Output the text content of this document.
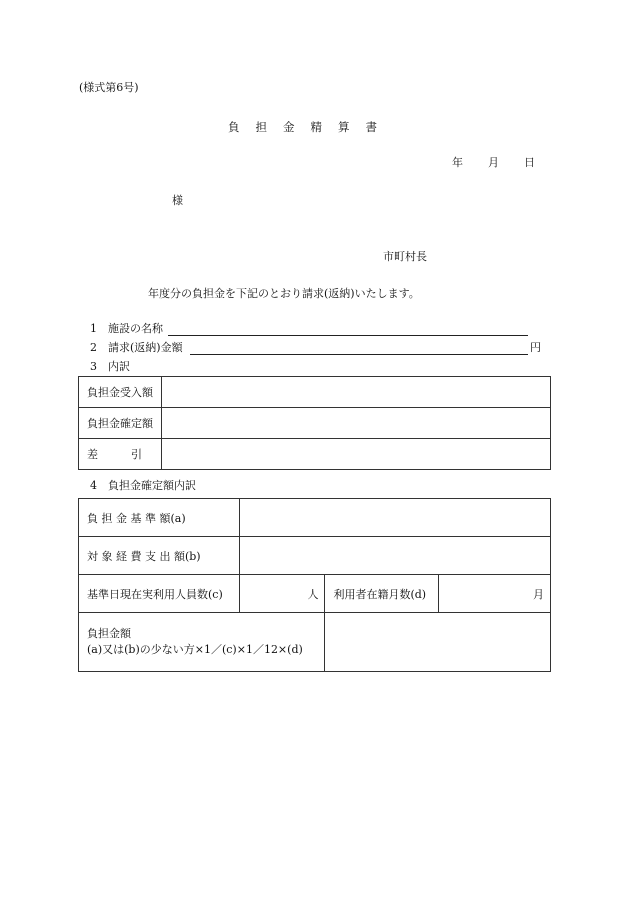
(様式第6号)
負担金精算書
年 月 日
様
市町村長
年度分の負担金を下記のとおり請求(返納)いたします。
1 施設の名称
2 請求(返納)金額	円
3 内訳
負担金受入額	
負担金確定額	
差　　　引	
4 負担金確定額内訳
負 担 金 基 準 額(a)			
対 象 経 費 支 出 額(b)			
基準日現在実利用人員数(c)	人	利用者在籍月数(d)	月

負担金額
(a)又は(b)の少ない方×1／(c)×1／12×(d)			
